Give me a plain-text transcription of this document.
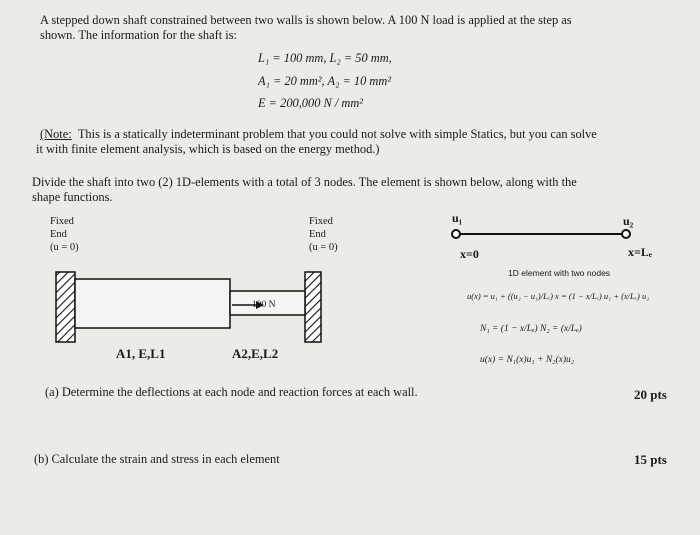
A stepped down shaft constrained between two walls is shown below. A 100 N load is applied at the step as
shown. The information for the shaft is:
L₁ = 100 mm, L₂ = 50 mm,
A₁ = 20 mm², A₂ = 10 mm²
E = 200,000 N / mm²
(Note: This is a statically indeterminant problem that you could not solve with simple Statics, but you can solve
it with finite element analysis, which is based on the energy method.)
Divide the shaft into two (2) 1D-elements with a total of 3 nodes. The element is shown below, along with the
shape functions.
Fixed
End
(u = 0)
Fixed
End
(u = 0)
100 N
A1, E,L1	A2,E,L2
u₁	u₂
x=0	x=Lₑ
1D element with two nodes
u(x) = u₁ + ((u₂ − u₁)/Lₑ) x = (1 − x/Lₑ) u₁ + (x/Lₑ) u₂
N₁ = (1 − x/Lₑ) N₂ = (x/Lₑ)
u(x) = N₁(x)u₁ + N₂(x)u₂
(a) Determine the deflections at each node and reaction forces at each wall.	20 pts
(b) Calculate the strain and stress in each element	15 pts
